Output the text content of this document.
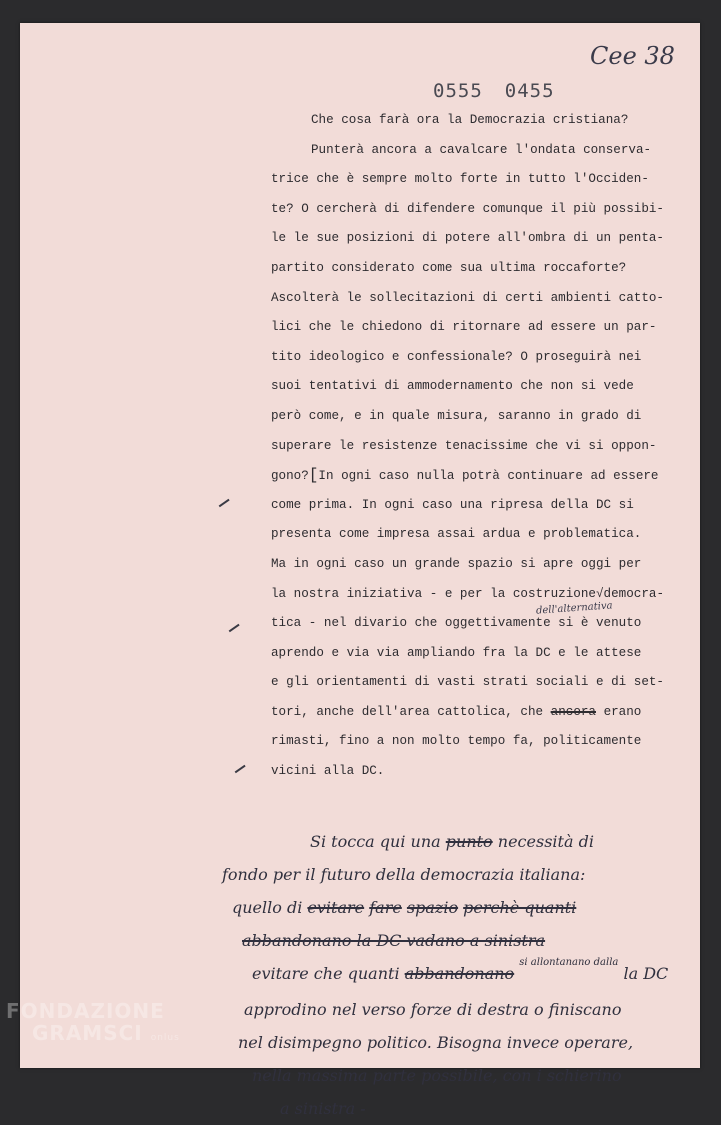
Cee 38
0555 0455
Che cosa farà ora la Democrazia cristiana?
Punterà ancora a cavalcare l'ondata conserva-
trice che è sempre molto forte in tutto l'Occiden-
te? O cercherà di difendere comunque il più possibi-
le le sue posizioni di potere all'ombra di un penta-
partito considerato come sua ultima roccaforte?
Ascolterà le sollecitazioni di certi ambienti catto-
lici che le chiedono di ritornare ad essere un par-
tito ideologico e confessionale? O proseguirà nei
suoi tentativi di ammodernamento che non si vede
però come, e in quale misura, saranno in grado di
superare le resistenze tenacissime che vi si oppon-
gono?[In ogni caso nulla potrà continuare ad essere
come prima. In ogni caso una ripresa della DC si
presenta come impresa assai ardua e problematica.
Ma in ogni caso un grande spazio si apre oggi per
la nostra iniziativa - e per la costruzione√democra-
tica - nel divario che oggettivamente si è venuto
aprendo e via via ampliando fra la DC e le attese
e gli orientamenti di vasti strati sociali e di set-
tori, anche dell'area cattolica, che ancora erano
rimasti, fino a non molto tempo fa, politicamente
vicini alla DC.
dell'alternativa
Si tocca qui una punto necessità di
fondo per il futuro della democrazia italiana:
quello di evitare fare spazio perchè quanti
abbandonano la DC vadano a sinistra
evitare che quanti abbandonano $^{si allontanano dalla}$ la DC
approdino nel verso forze di destra o finiscano
nel disimpegno politico. Bisogna invece operare,
nella massima parte possibile, con i schierino
a sinistra -
FONDAZIONE
GRAMSCI onlus
